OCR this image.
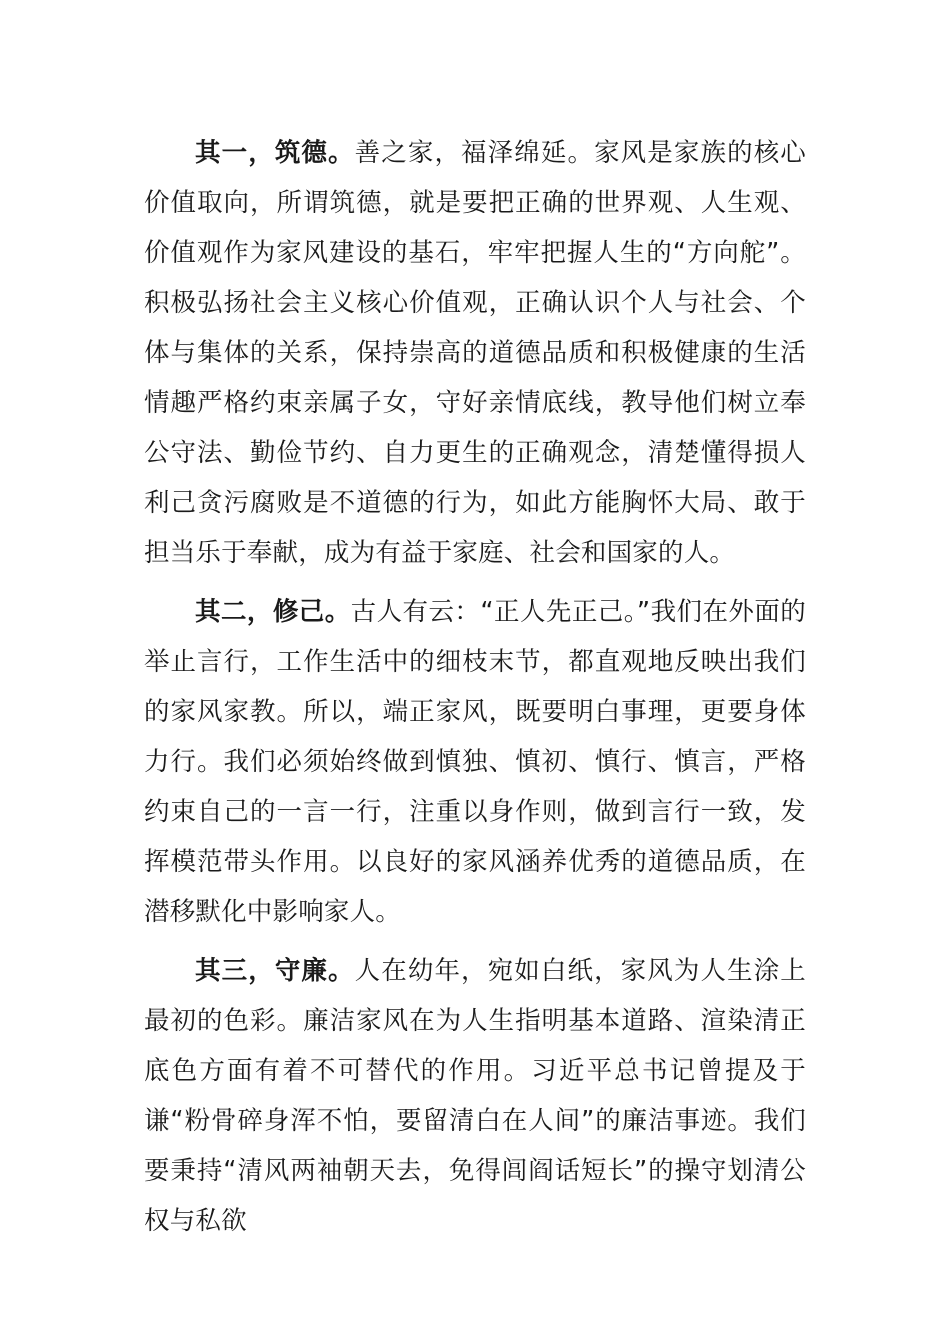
其一，筑德。善之家，福泽绵延。家风是家族的核心价值取向，所谓筑德，就是要把正确的世界观、人生观、价值观作为家风建设的基石，牢牢把握人生的“方向舵”。积极弘扬社会主义核心价值观，正确认识个人与社会、个体与集体的关系，保持崇高的道德品质和积极健康的生活情趣严格约束亲属子女，守好亲情底线，教导他们树立奉公守法、勤俭节约、自力更生的正确观念，清楚懂得损人利己贪污腐败是不道德的行为，如此方能胸怀大局、敢于担当乐于奉献，成为有益于家庭、社会和国家的人。

其二，修己。古人有云：“正人先正己。”我们在外面的举止言行，工作生活中的细枝末节，都直观地反映出我们的家风家教。所以，端正家风，既要明白事理，更要身体力行。我们必须始终做到慎独、慎初、慎行、慎言，严格约束自己的一言一行，注重以身作则，做到言行一致，发挥模范带头作用。以良好的家风涵养优秀的道德品质，在潜移默化中影响家人。

其三，守廉。人在幼年，宛如白纸，家风为人生涂上最初的色彩。廉洁家风在为人生指明基本道路、渲染清正底色方面有着不可替代的作用。习近平总书记曾提及于谦“粉骨碎身浑不怕，要留清白在人间”的廉洁事迹。我们要秉持“清风两袖朝天去，免得闾阎话短长”的操守划清公权与私欲
